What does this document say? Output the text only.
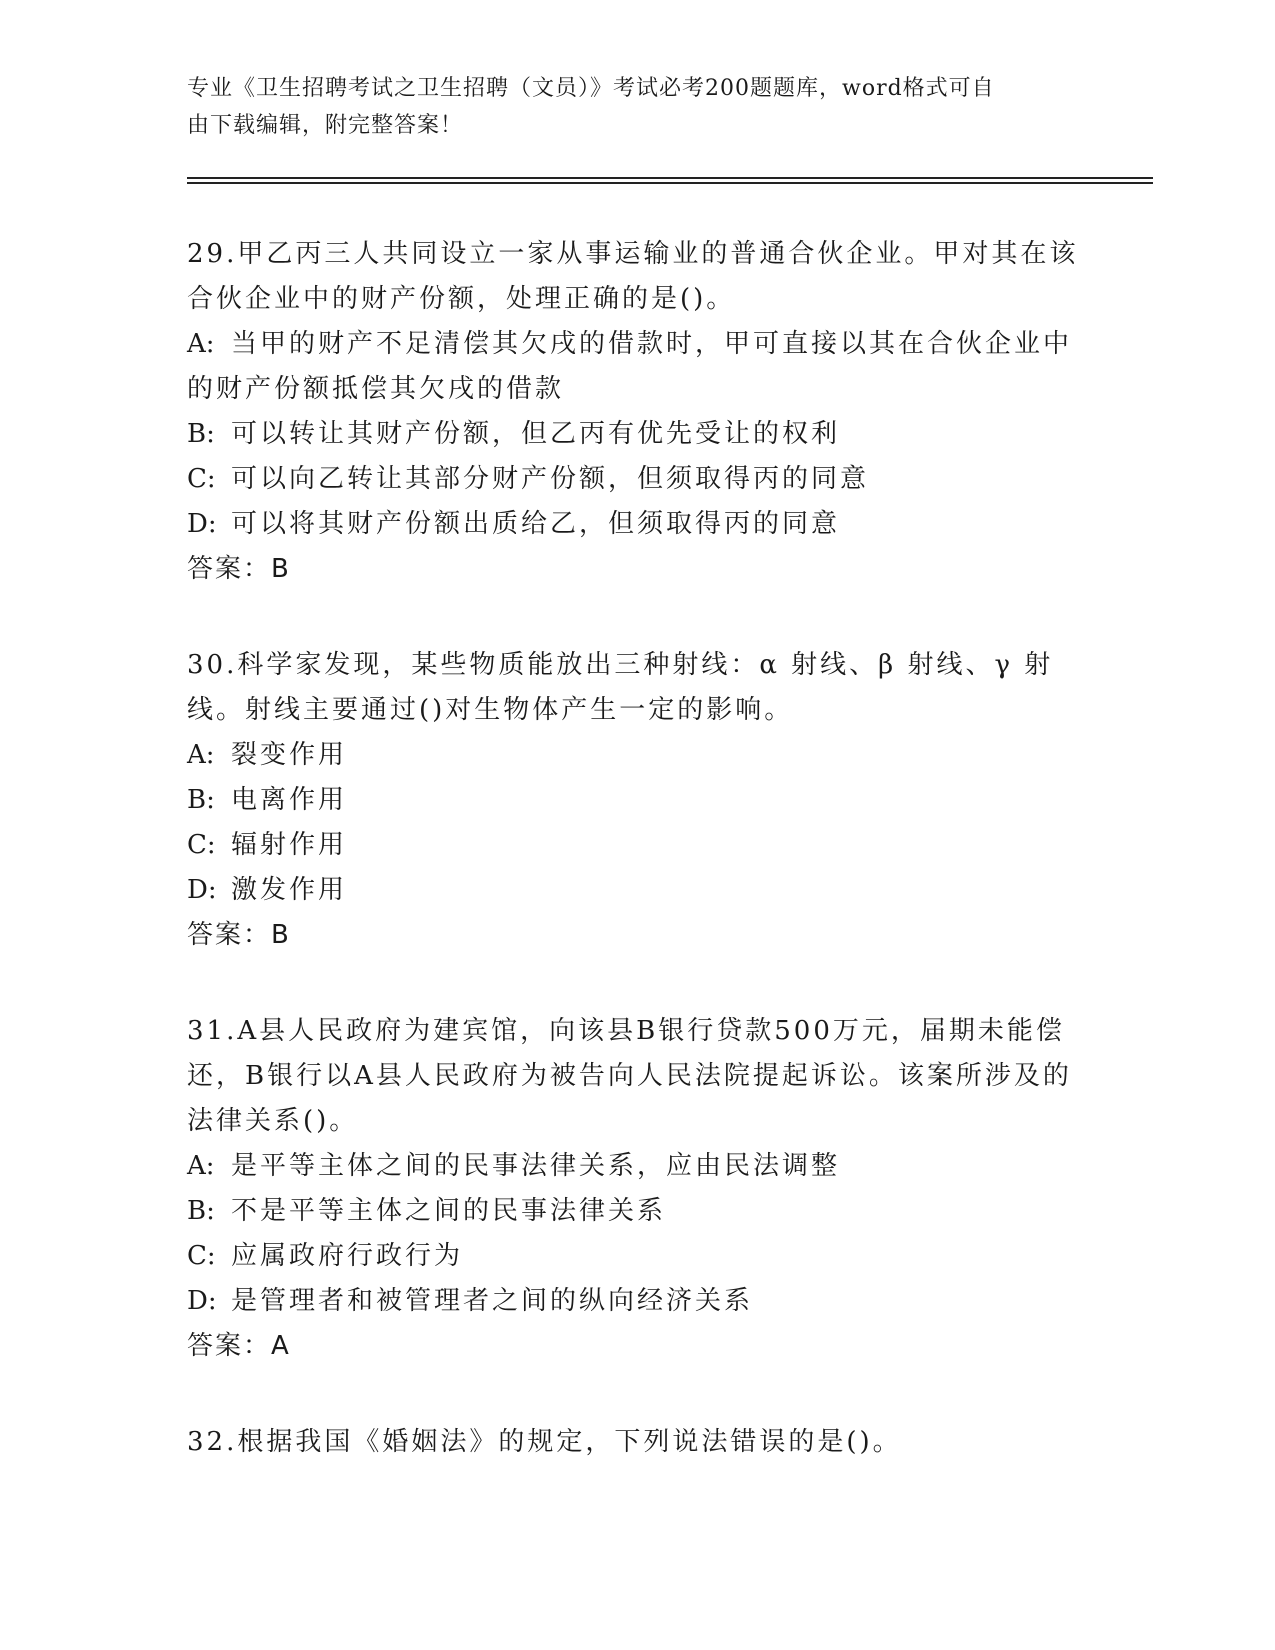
专业《卫生招聘考试之卫生招聘（文员）》考试必考200题题库，word格式可自
由下载编辑，附完整答案！

29.甲乙丙三人共同设立一家从事运输业的普通合伙企业。甲对其在该

合伙企业中的财产份额，处理正确的是()。

A: 当甲的财产不足清偿其欠戌的借款时，甲可直接以其在合伙企业中

的财产份额抵偿其欠戌的借款

B: 可以转让其财产份额，但乙丙有优先受让的权利

C: 可以向乙转让其部分财产份额，但须取得丙的同意

D: 可以将其财产份额出质给乙，但须取得丙的同意

答案：B

30.科学家发现，某些物质能放出三种射线：α 射线、β 射线、γ 射

线。射线主要通过()对生物体产生一定的影响。

A: 裂变作用

B: 电离作用

C: 辐射作用

D: 激发作用

答案：B

31.A县人民政府为建宾馆，向该县B银行贷款500万元，届期未能偿

还，B银行以A县人民政府为被告向人民法院提起诉讼。该案所涉及的

法律关系()。

A: 是平等主体之间的民事法律关系，应由民法调整

B: 不是平等主体之间的民事法律关系

C: 应属政府行政行为

D: 是管理者和被管理者之间的纵向经济关系

答案：A

32.根据我国《婚姻法》的规定，下列说法错误的是()。
